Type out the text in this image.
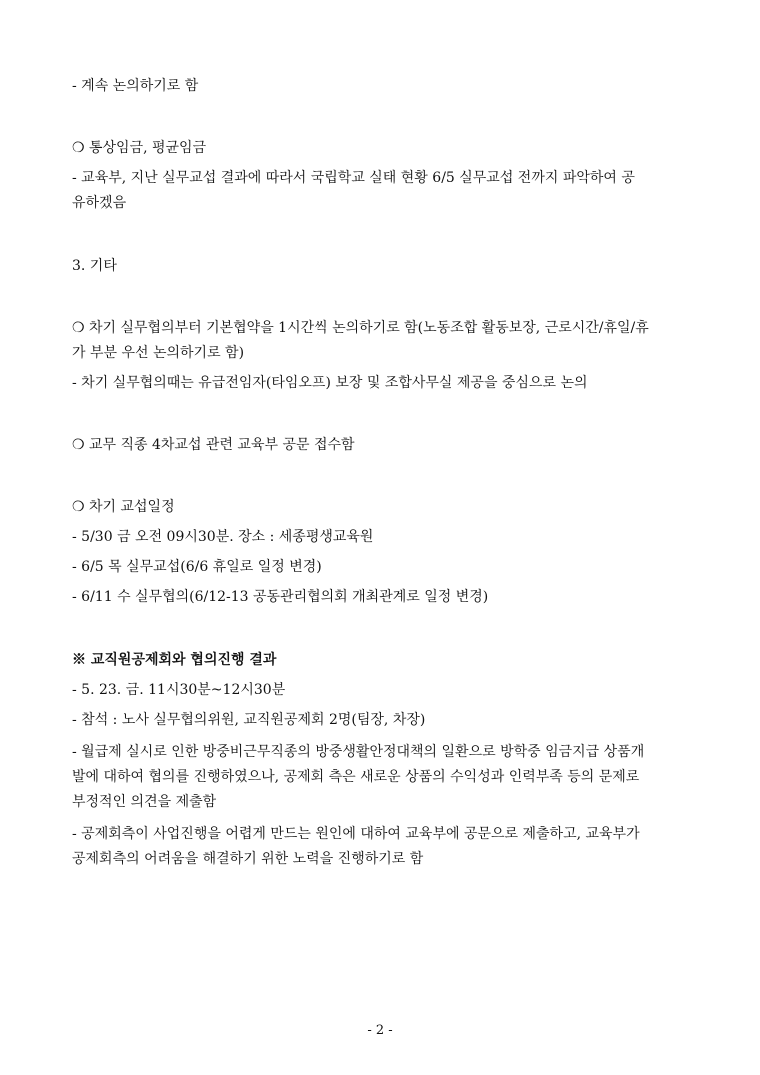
- 계속 논의하기로 함
❍ 통상임금, 평균임금
- 교육부, 지난 실무교섭 결과에 따라서 국립학교 실태 현황 6/5 실무교섭 전까지 파악하여 공
유하겠음
3. 기타
❍ 차기 실무협의부터 기본협약을 1시간씩 논의하기로 함(노동조합 활동보장, 근로시간/휴일/휴
가 부분 우선 논의하기로 함)
- 차기 실무협의때는 유급전임자(타임오프) 보장 및 조합사무실 제공을 중심으로 논의
❍ 교무 직종 4차교섭 관련 교육부 공문 접수함
❍ 차기 교섭일정
- 5/30 금 오전 09시30분. 장소 : 세종평생교육원
- 6/5 목 실무교섭(6/6 휴일로 일정 변경)
- 6/11 수 실무협의(6/12-13 공동관리협의회 개최관계로 일정 변경)
※ 교직원공제회와 협의진행 결과
- 5. 23. 금. 11시30분~12시30분
- 참석 : 노사 실무협의위원, 교직원공제회 2명(팀장, 차장)
- 월급제 실시로 인한 방중비근무직종의 방중생활안정대책의 일환으로 방학중 임금지급 상품개
발에 대하여 협의를 진행하였으나, 공제회 측은 새로운 상품의 수익성과 인력부족 등의 문제로
부정적인 의견을 제출함
- 공제회측이 사업진행을 어렵게 만드는 원인에 대하여 교육부에 공문으로 제출하고, 교육부가
공제회측의 어려움을 해결하기 위한 노력을 진행하기로 함
- 2 -
